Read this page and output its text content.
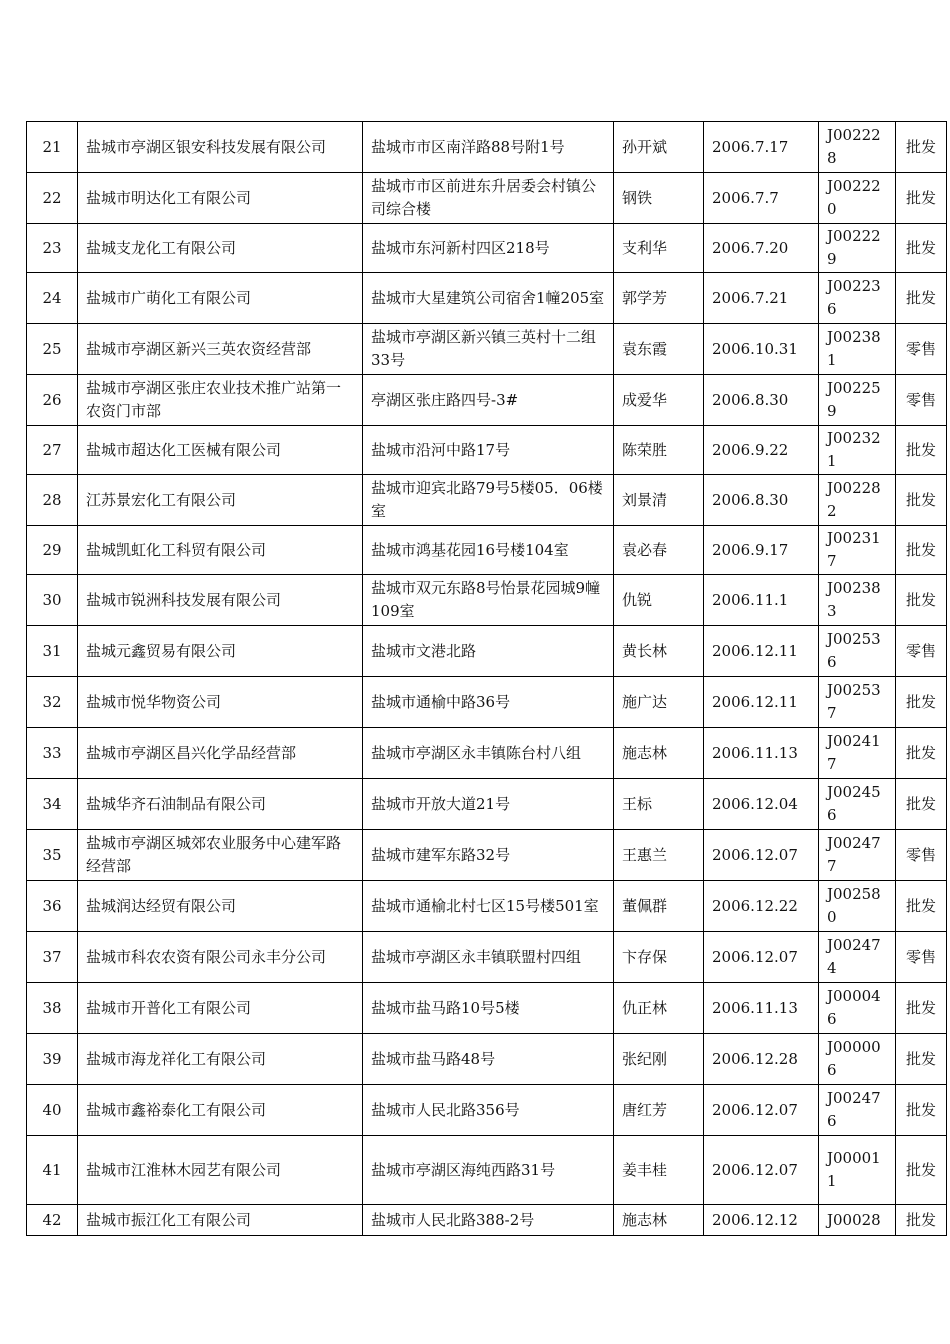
21	盐城市亭湖区银安科技发展有限公司	盐城市市区南洋路88号附1号	孙开斌	2006.7.17	J002228	批发
22	盐城市明达化工有限公司	盐城市市区前进东升居委会村镇公司综合楼	钢铁	2006.7.7	J002220	批发
23	盐城支龙化工有限公司	盐城市东河新村四区218号	支利华	2006.7.20	J002229	批发
24	盐城市广萌化工有限公司	盐城市大星建筑公司宿舍1幢205室	郭学芳	2006.7.21	J002236	批发
25	盐城市亭湖区新兴三英农资经营部	盐城市亭湖区新兴镇三英村十二组33号	袁东霞	2006.10.31	J002381	零售
26	盐城市亭湖区张庄农业技术推广站第一农资门市部	亭湖区张庄路四号-3#	成爱华	2006.8.30	J002259	零售
27	盐城市超达化工医械有限公司	盐城市沿河中路17号	陈荣胜	2006.9.22	J002321	批发
28	江苏景宏化工有限公司	盐城市迎宾北路79号5楼05．06楼室	刘景清	2006.8.30	J002282	批发
29	盐城凯虹化工科贸有限公司	盐城市鸿基花园16号楼104室	袁必春	2006.9.17	J002317	批发
30	盐城市锐洲科技发展有限公司	盐城市双元东路8号怡景花园城9幢109室	仇锐	2006.11.1	J002383	批发
31	盐城元鑫贸易有限公司	盐城市文港北路	黄长林	2006.12.11	J002536	零售
32	盐城市悦华物资公司	盐城市通榆中路36号	施广达	2006.12.11	J002537	批发
33	盐城市亭湖区昌兴化学品经营部	盐城市亭湖区永丰镇陈台村八组	施志林	2006.11.13	J002417	批发
34	盐城华齐石油制品有限公司	盐城市开放大道21号	王标	2006.12.04	J002456	批发
35	盐城市亭湖区城郊农业服务中心建军路经营部	盐城市建军东路32号	王惠兰	2006.12.07	J002477	零售
36	盐城润达经贸有限公司	盐城市通榆北村七区15号楼501室	董佩群	2006.12.22	J002580	批发
37	盐城市科农农资有限公司永丰分公司	盐城市亭湖区永丰镇联盟村四组	卞存保	2006.12.07	J002474	零售
38	盐城市开普化工有限公司	盐城市盐马路10号5楼	仇正林	2006.11.13	J000046	批发
39	盐城市海龙祥化工有限公司	盐城市盐马路48号	张纪刚	2006.12.28	J000006	批发
40	盐城市鑫裕泰化工有限公司	盐城市人民北路356号	唐红芳	2006.12.07	J002476	批发
41	盐城市江淮林木园艺有限公司	盐城市亭湖区海纯西路31号	姜丰桂	2006.12.07	J000011	批发
42	盐城市振江化工有限公司	盐城市人民北路388-2号	施志林	2006.12.12	J00028	批发
